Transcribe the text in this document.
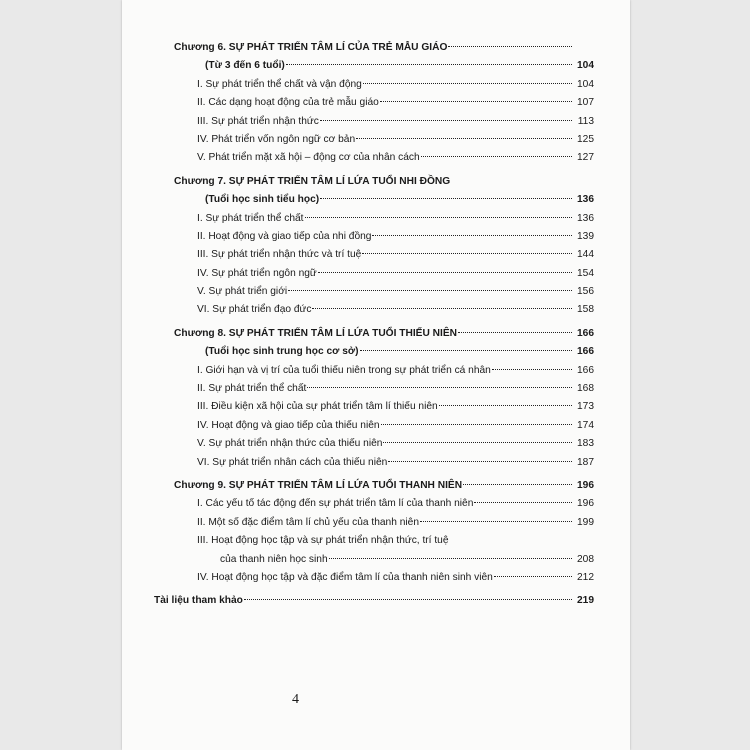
Chương 6. SỰ PHÁT TRIỂN TÂM LÍ CỦA TRẺ MẪU GIÁO
(Từ 3 đến 6 tuổi)	104
I. Sự phát triển thể chất và vận động	104
II. Các dạng hoạt động của trẻ mẫu giáo	107
III. Sự phát triển nhận thức	113
IV. Phát triển vốn ngôn ngữ cơ bản	125
V. Phát triển mặt xã hội – động cơ của nhân cách	127
Chương 7. SỰ PHÁT TRIỂN TÂM LÍ LỨA TUỔI NHI ĐỒNG
(Tuổi học sinh tiểu học)	136
I. Sự phát triển thể chất	136
II. Hoạt động và giao tiếp của nhi đồng	139
III. Sự phát triển nhận thức và trí tuệ	144
IV. Sự phát triển ngôn ngữ	154
V. Sự phát triển giới	156
VI. Sự phát triển đạo đức	158
Chương 8. SỰ PHÁT TRIỂN TÂM LÍ LỨA TUỔI THIẾU NIÊN	166
(Tuổi học sinh trung học cơ sở)	166
I. Giới hạn và vị trí của tuổi thiếu niên trong sự phát triển cá nhân	166
II. Sự phát triển thể chất	168
III. Điều kiện xã hội của sự phát triển tâm lí thiếu niên	173
IV. Hoạt động và giao tiếp của thiếu niên	174
V. Sự phát triển nhận thức của thiếu niên	183
VI. Sự phát triển nhân cách của thiếu niên	187
Chương 9. SỰ PHÁT TRIỂN TÂM LÍ LỨA TUỔI THANH NIÊN	196
I. Các yếu tố tác động đến sự phát triển tâm lí của thanh niên	196
II. Một số đặc điểm tâm lí chủ yếu của thanh niên	199
III. Hoạt động học tập và sự phát triển nhận thức, trí tuệ
của thanh niên học sinh	208
IV. Hoạt động học tập và đặc điểm tâm lí của thanh niên sinh viên	212
Tài liệu tham khảo	219
4
